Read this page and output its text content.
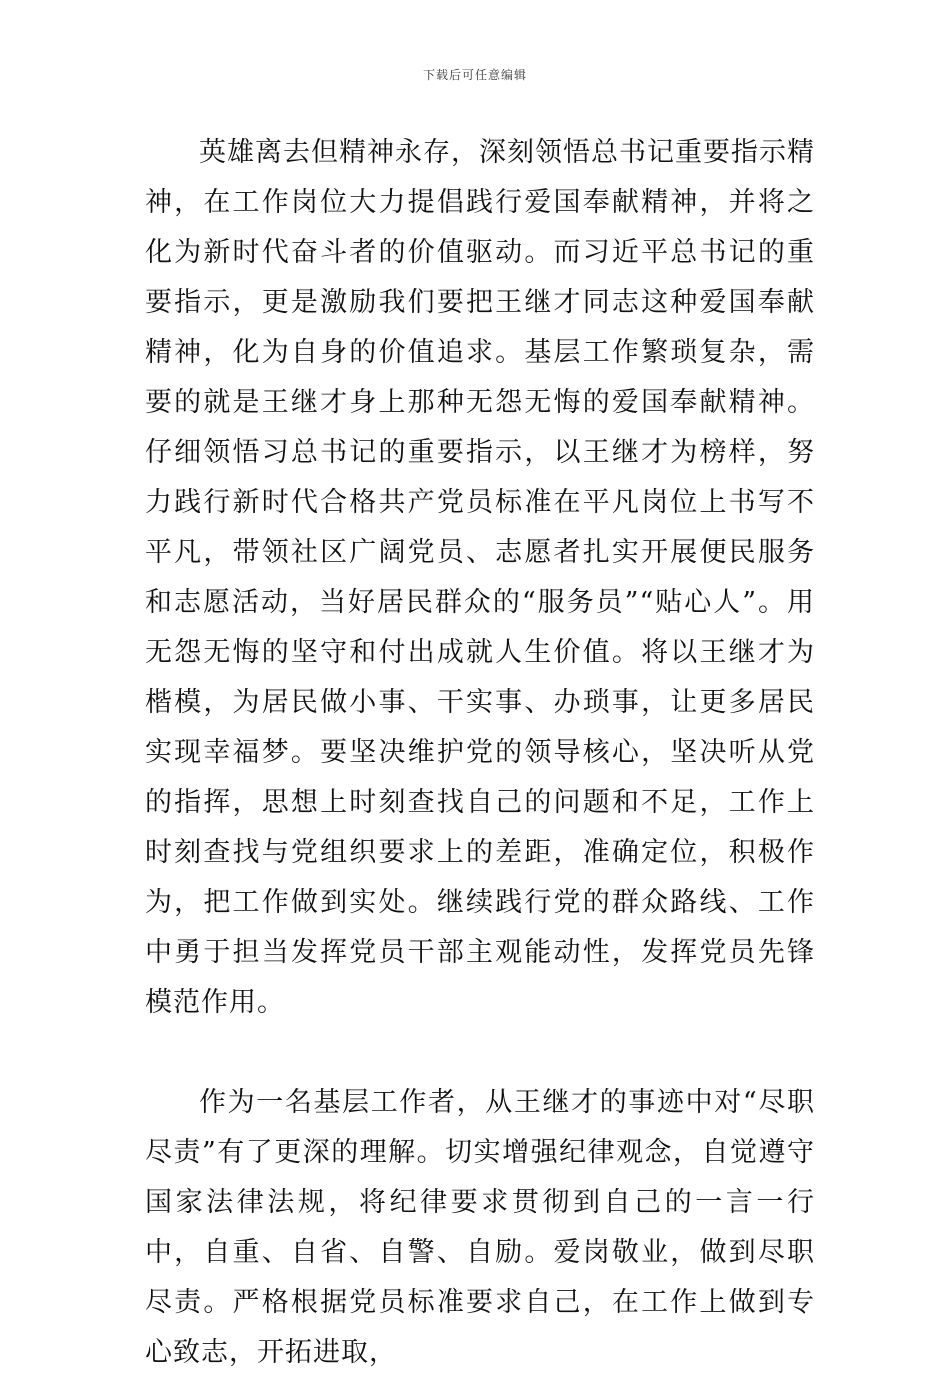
下载后可任意编辑

英雄离去但精神永存，深刻领悟总书记重要指示精神，在工作岗位大力提倡践行爱国奉献精神，并将之化为新时代奋斗者的价值驱动。而习近平总书记的重要指示，更是激励我们要把王继才同志这种爱国奉献精神，化为自身的价值追求。基层工作繁琐复杂，需要的就是王继才身上那种无怨无悔的爱国奉献精神。仔细领悟习总书记的重要指示，以王继才为榜样，努力践行新时代合格共产党员标准在平凡岗位上书写不平凡，带领社区广阔党员、志愿者扎实开展便民服务和志愿活动，当好居民群众的“服务员”“贴心人”。用无怨无悔的坚守和付出成就人生价值。将以王继才为楷模，为居民做小事、干实事、办琐事，让更多居民实现幸福梦。要坚决维护党的领导核心，坚决听从党的指挥，思想上时刻查找自己的问题和不足，工作上时刻查找与党组织要求上的差距，准确定位，积极作为，把工作做到实处。继续践行党的群众路线、工作中勇于担当发挥党员干部主观能动性，发挥党员先锋模范作用。

作为一名基层工作者，从王继才的事迹中对“尽职尽责”有了更深的理解。切实增强纪律观念，自觉遵守国家法律法规，将纪律要求贯彻到自己的一言一行中，自重、自省、自警、自励。爱岗敬业，做到尽职尽责。严格根据党员标准要求自己，在工作上做到专心致志，开拓进取，
